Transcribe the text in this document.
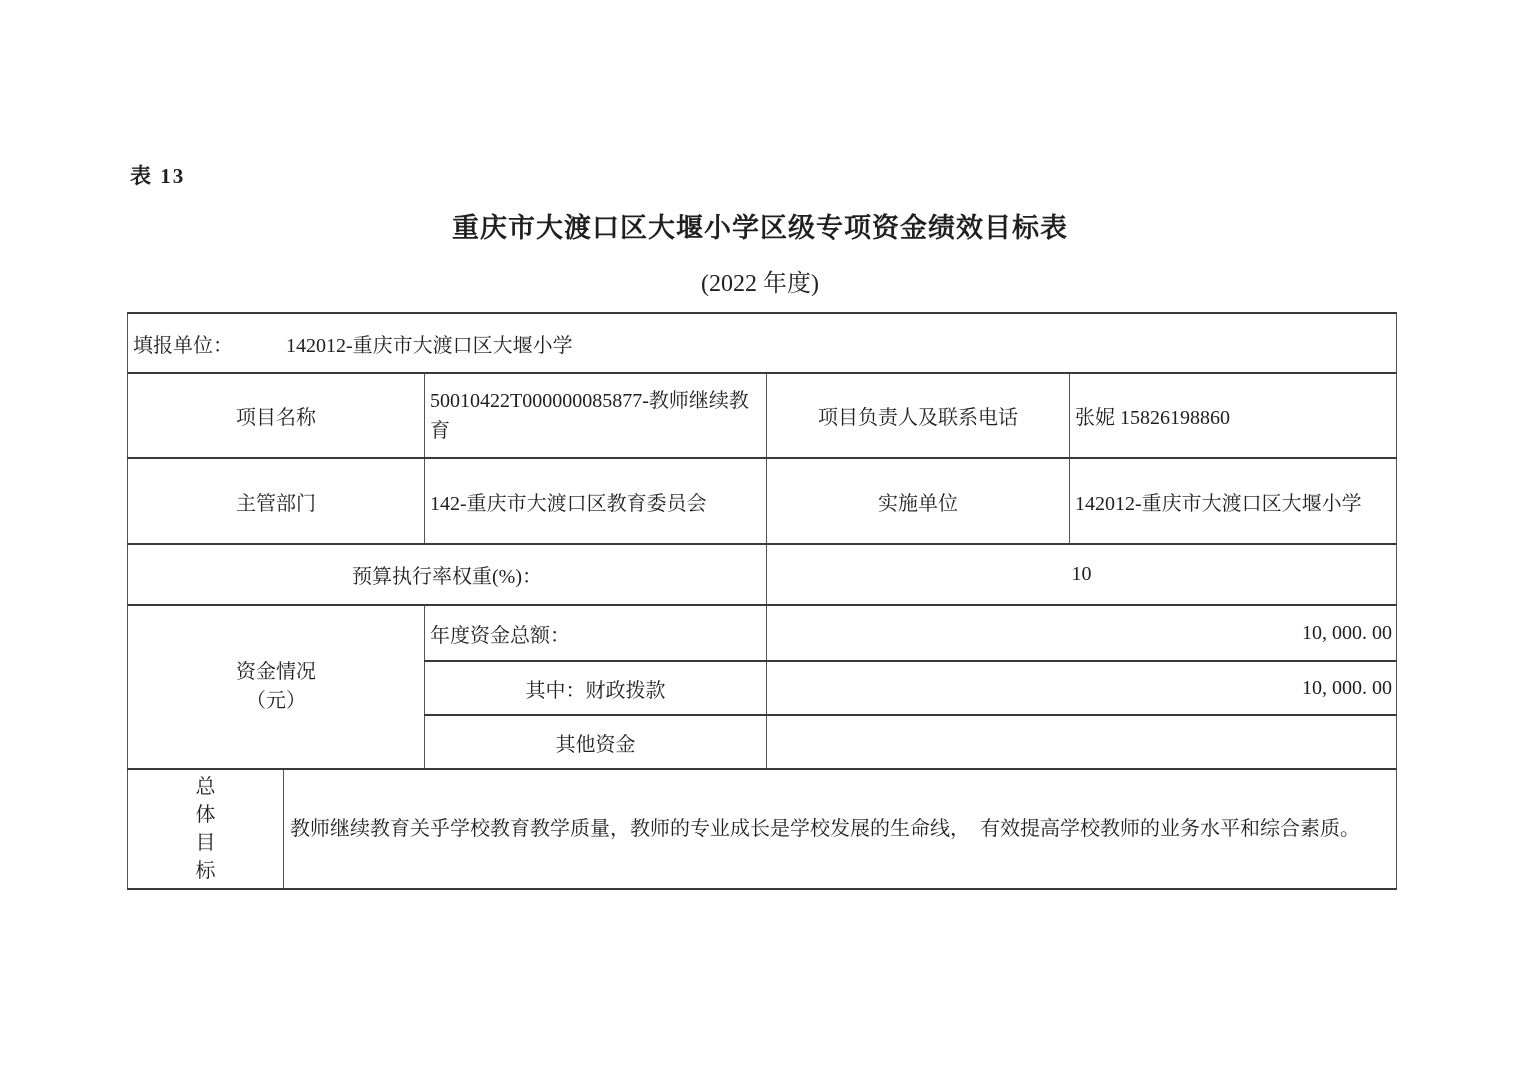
表 13
重庆市大渡口区大堰小学区级专项资金绩效目标表
(2022 年度)
填报单位： 142012-重庆市大渡口区大堰小学				
项目名称		50010422T000000085877-教师继续教育	项目负责人及联系电话	张妮 15826198860
主管部门		142-重庆市大渡口区教育委员会	实施单位	142012-重庆市大渡口区大堰小学
预算执行率权重(%)：			10	

资金情况
（元）		年度资金总额：	10, 000. 00	
		其中：财政拨款	10, 000. 00	
		其他资金		

总
体
目
标	教师继续教育关乎学校教育教学质量，教师的专业成长是学校发展的生命线，　有效提高学校教师的业务水平和综合素质。			
